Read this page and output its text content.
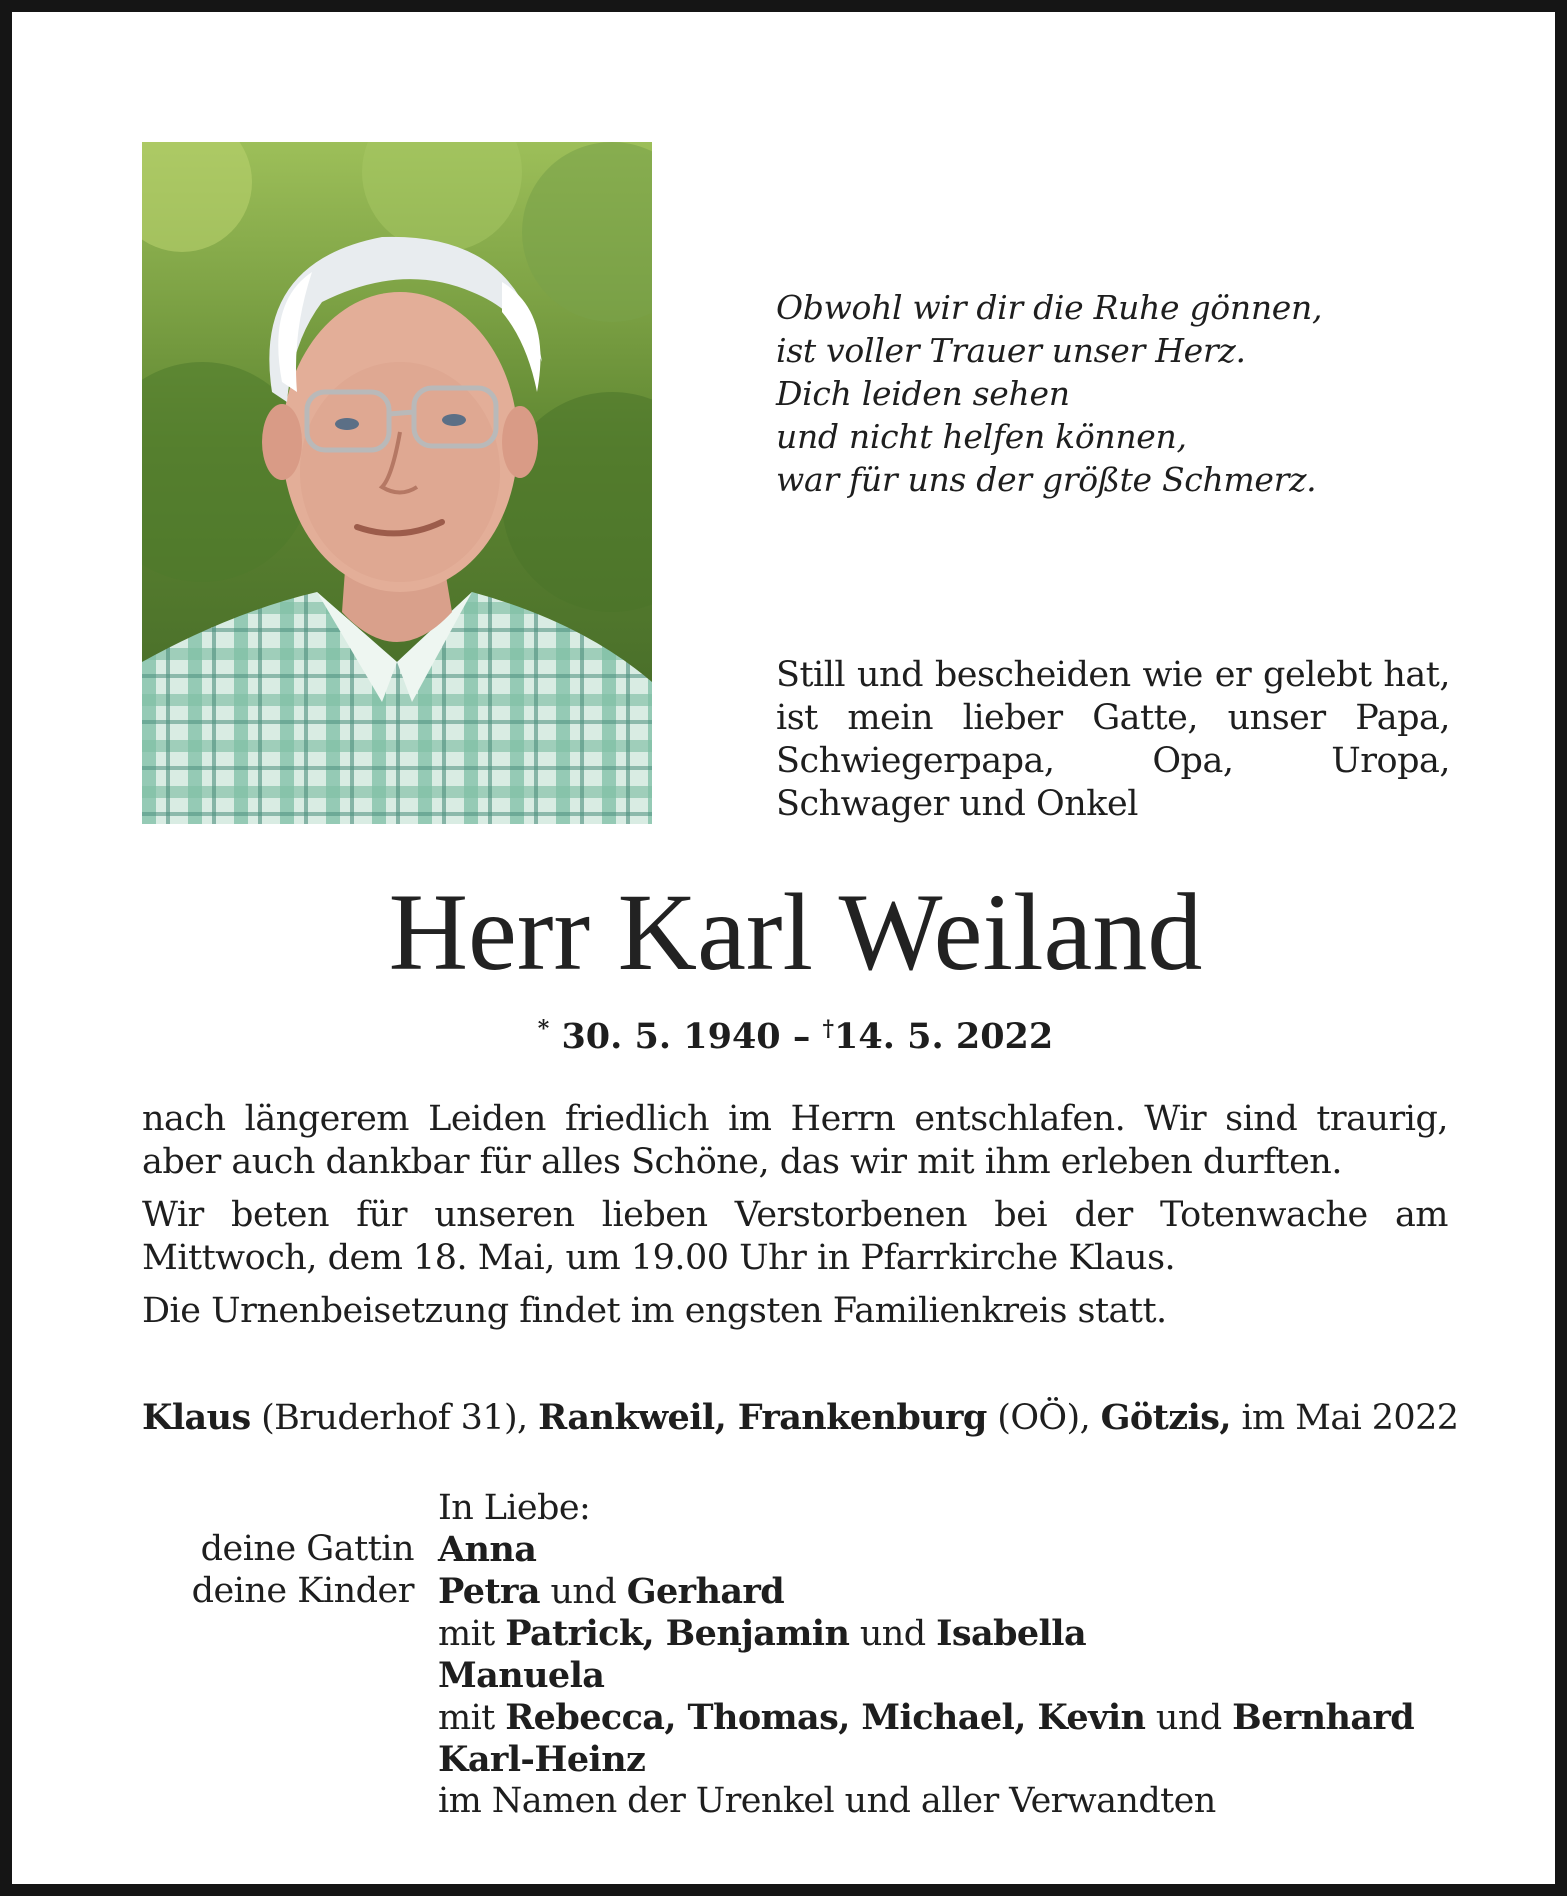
Obwohl wir dir die Ruhe gönnen,
ist voller Trauer unser Herz.
Dich leiden sehen
und nicht helfen können,
war für uns der größte Schmerz.
Still und bescheiden wie er gelebt hat, ist mein lieber Gatte, unser Papa, Schwiegerpapa, Opa, Uropa, Schwager und Onkel
Herr Karl Weiland
* 30. 5. 1940 – †14. 5. 2022

nach längerem Leiden friedlich im Herrn entschlafen. Wir sind traurig, aber auch dankbar für alles Schöne, das wir mit ihm erleben durften.

Wir beten für unseren lieben Verstorbenen bei der Totenwache am Mittwoch, dem 18. Mai, um 19.00 Uhr in Pfarrkirche Klaus.

Die Urnenbeisetzung findet im engsten Familienkreis statt.

Klaus (Bruderhof 31), Rankweil, Frankenburg (OÖ), Götzis, im Mai 2022
In Liebe:
deine Gattin Anna
deine Kinder Petra und Gerhard
mit Patrick, Benjamin und Isabella
Manuela
mit Rebecca, Thomas, Michael, Kevin und Bernhard
Karl-Heinz
im Namen der Urenkel und aller Verwandten
